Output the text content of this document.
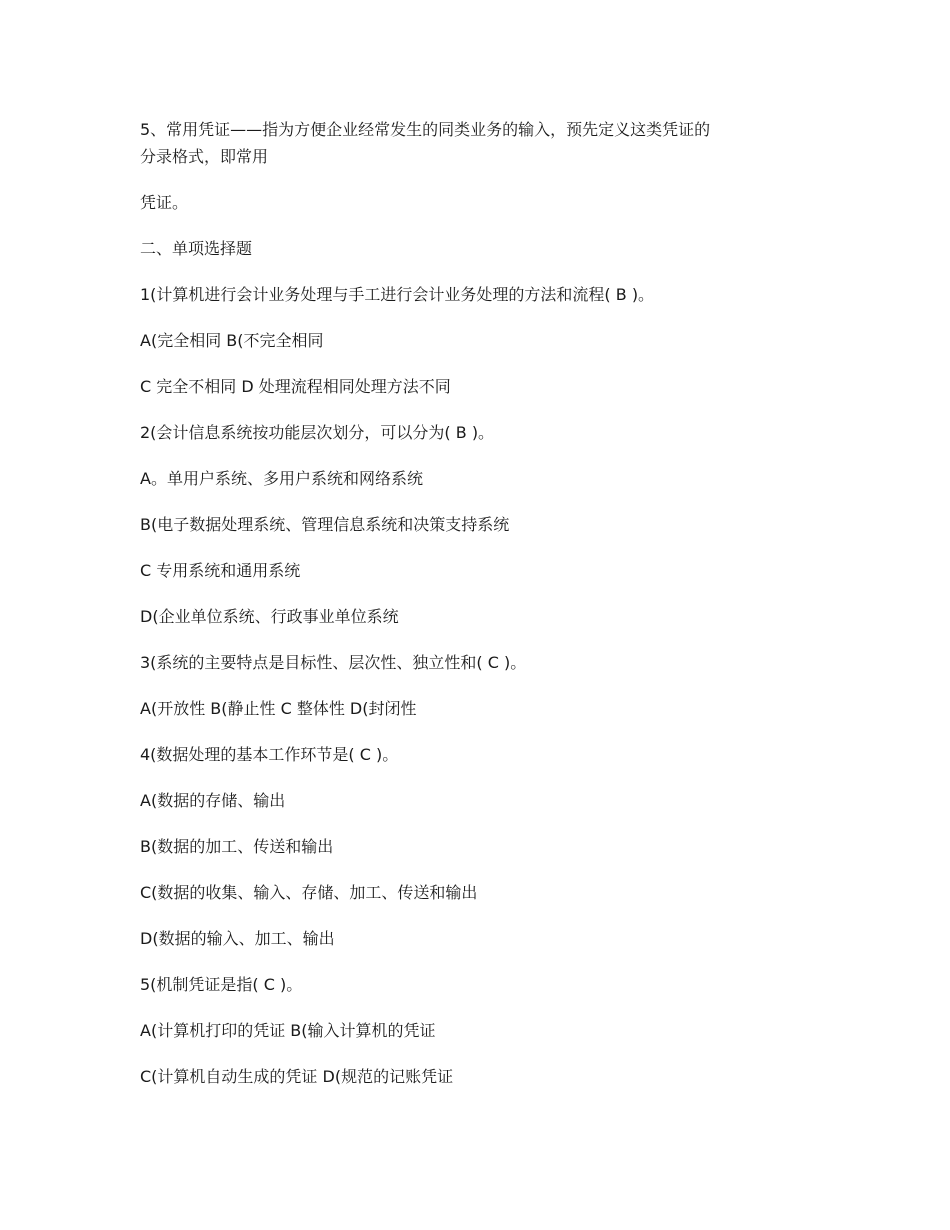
5、常用凭证——指为方便企业经常发生的同类业务的输入，预先定义这类凭证的
分录格式，即常用
凭证。
二、单项选择题
1(计算机进行会计业务处理与手工进行会计业务处理的方法和流程( B )。
A(完全相同 B(不完全相同
C 完全不相同 D 处理流程相同处理方法不同
2(会计信息系统按功能层次划分，可以分为( B )。
A。单用户系统、多用户系统和网络系统
B(电子数据处理系统、管理信息系统和决策支持系统
C 专用系统和通用系统
D(企业单位系统、行政事业单位系统
3(系统的主要特点是目标性、层次性、独立性和( C )。
A(开放性 B(静止性 C 整体性 D(封闭性
4(数据处理的基本工作环节是( C )。
A(数据的存储、输出
B(数据的加工、传送和输出
C(数据的收集、输入、存储、加工、传送和输出
D(数据的输入、加工、输出
5(机制凭证是指( C )。
A(计算机打印的凭证 B(输入计算机的凭证
C(计算机自动生成的凭证 D(规范的记账凭证
